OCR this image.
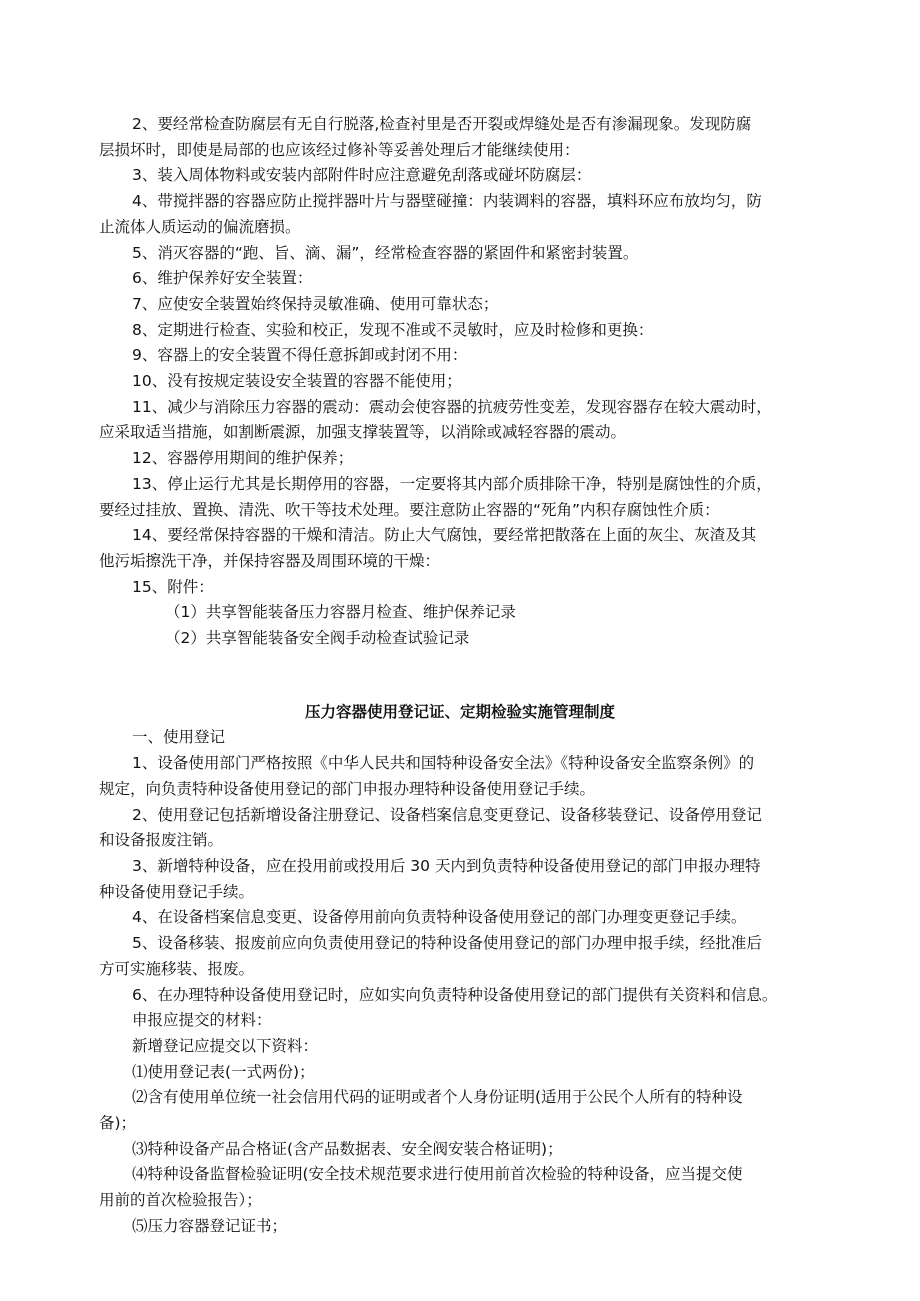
2、要经常检查防腐层有无自行脱落,检查衬里是否开裂或焊缝处是否有渗漏现象。发现防腐

层损坏时，即使是局部的也应该经过修补等妥善处理后才能继续使用：

3、装入周体物料或安装内部附件时应注意避免刮落或碰坏防腐层：

4、带搅拌器的容器应防止搅拌器叶片与器壁碰撞：内装调料的容器，填料环应布放均匀，防

止流体人质运动的偏流磨损。

5、消灭容器的“跑、旨、滴、漏”，经常检查容器的紧固件和紧密封装置。

6、维护保养好安全装置：

7、应使安全装置始终保持灵敏准确、使用可靠状态；

8、定期进行检查、实验和校正，发现不准或不灵敏时，应及时检修和更换：

9、容器上的安全装置不得任意拆卸或封闭不用：

10、没有按规定装设安全装置的容器不能使用；

11、减少与消除压力容器的震动：震动会使容器的抗疲劳性变差，发现容器存在较大震动时，

应采取适当措施，如割断震源，加强支撑装置等，以消除或减轻容器的震动。

12、容器停用期间的维护保养；

13、停止运行尤其是长期停用的容器，一定要将其内部介质排除干净，特别是腐蚀性的介质，

要经过挂放、置换、清洗、吹干等技术处理。要注意防止容器的“死角”内积存腐蚀性介质：

14、要经常保持容器的干燥和清洁。防止大气腐蚀，要经常把散落在上面的灰尘、灰渣及其

他污垢擦洗干净，并保持容器及周围环境的干燥：

15、附件：

（1）共享智能装备压力容器月检查、维护保养记录

（2）共享智能装备安全阀手动检查试验记录

压力容器使用登记证、定期检验实施管理制度

一、使用登记

1、设备使用部门严格按照《中华人民共和国特种设备安全法》《特种设备安全监察条例》的

规定，向负责特种设备使用登记的部门申报办理特种设备使用登记手续。

2、使用登记包括新增设备注册登记、设备档案信息变更登记、设备移装登记、设备停用登记

和设备报废注销。

3、新增特种设备，应在投用前或投用后 30 天内到负责特种设备使用登记的部门申报办理特

种设备使用登记手续。

4、在设备档案信息变更、设备停用前向负责特种设备使用登记的部门办理变更登记手续。

5、设备移装、报废前应向负责使用登记的特种设备使用登记的部门办理申报手续，经批准后

方可实施移装、报废。

6、在办理特种设备使用登记时，应如实向负责特种设备使用登记的部门提供有关资料和信息。

申报应提交的材料：

新增登记应提交以下资料：

⑴使用登记表(一式两份)；

⑵含有使用单位统一社会信用代码的证明或者个人身份证明(适用于公民个人所有的特种设

备)；

⑶特种设备产品合格证(含产品数据表、安全阀安装合格证明)；

⑷特种设备监督检验证明(安全技术规范要求进行使用前首次检验的特种设备，应当提交使

用前的首次检验报告）；

⑸压力容器登记证书；
